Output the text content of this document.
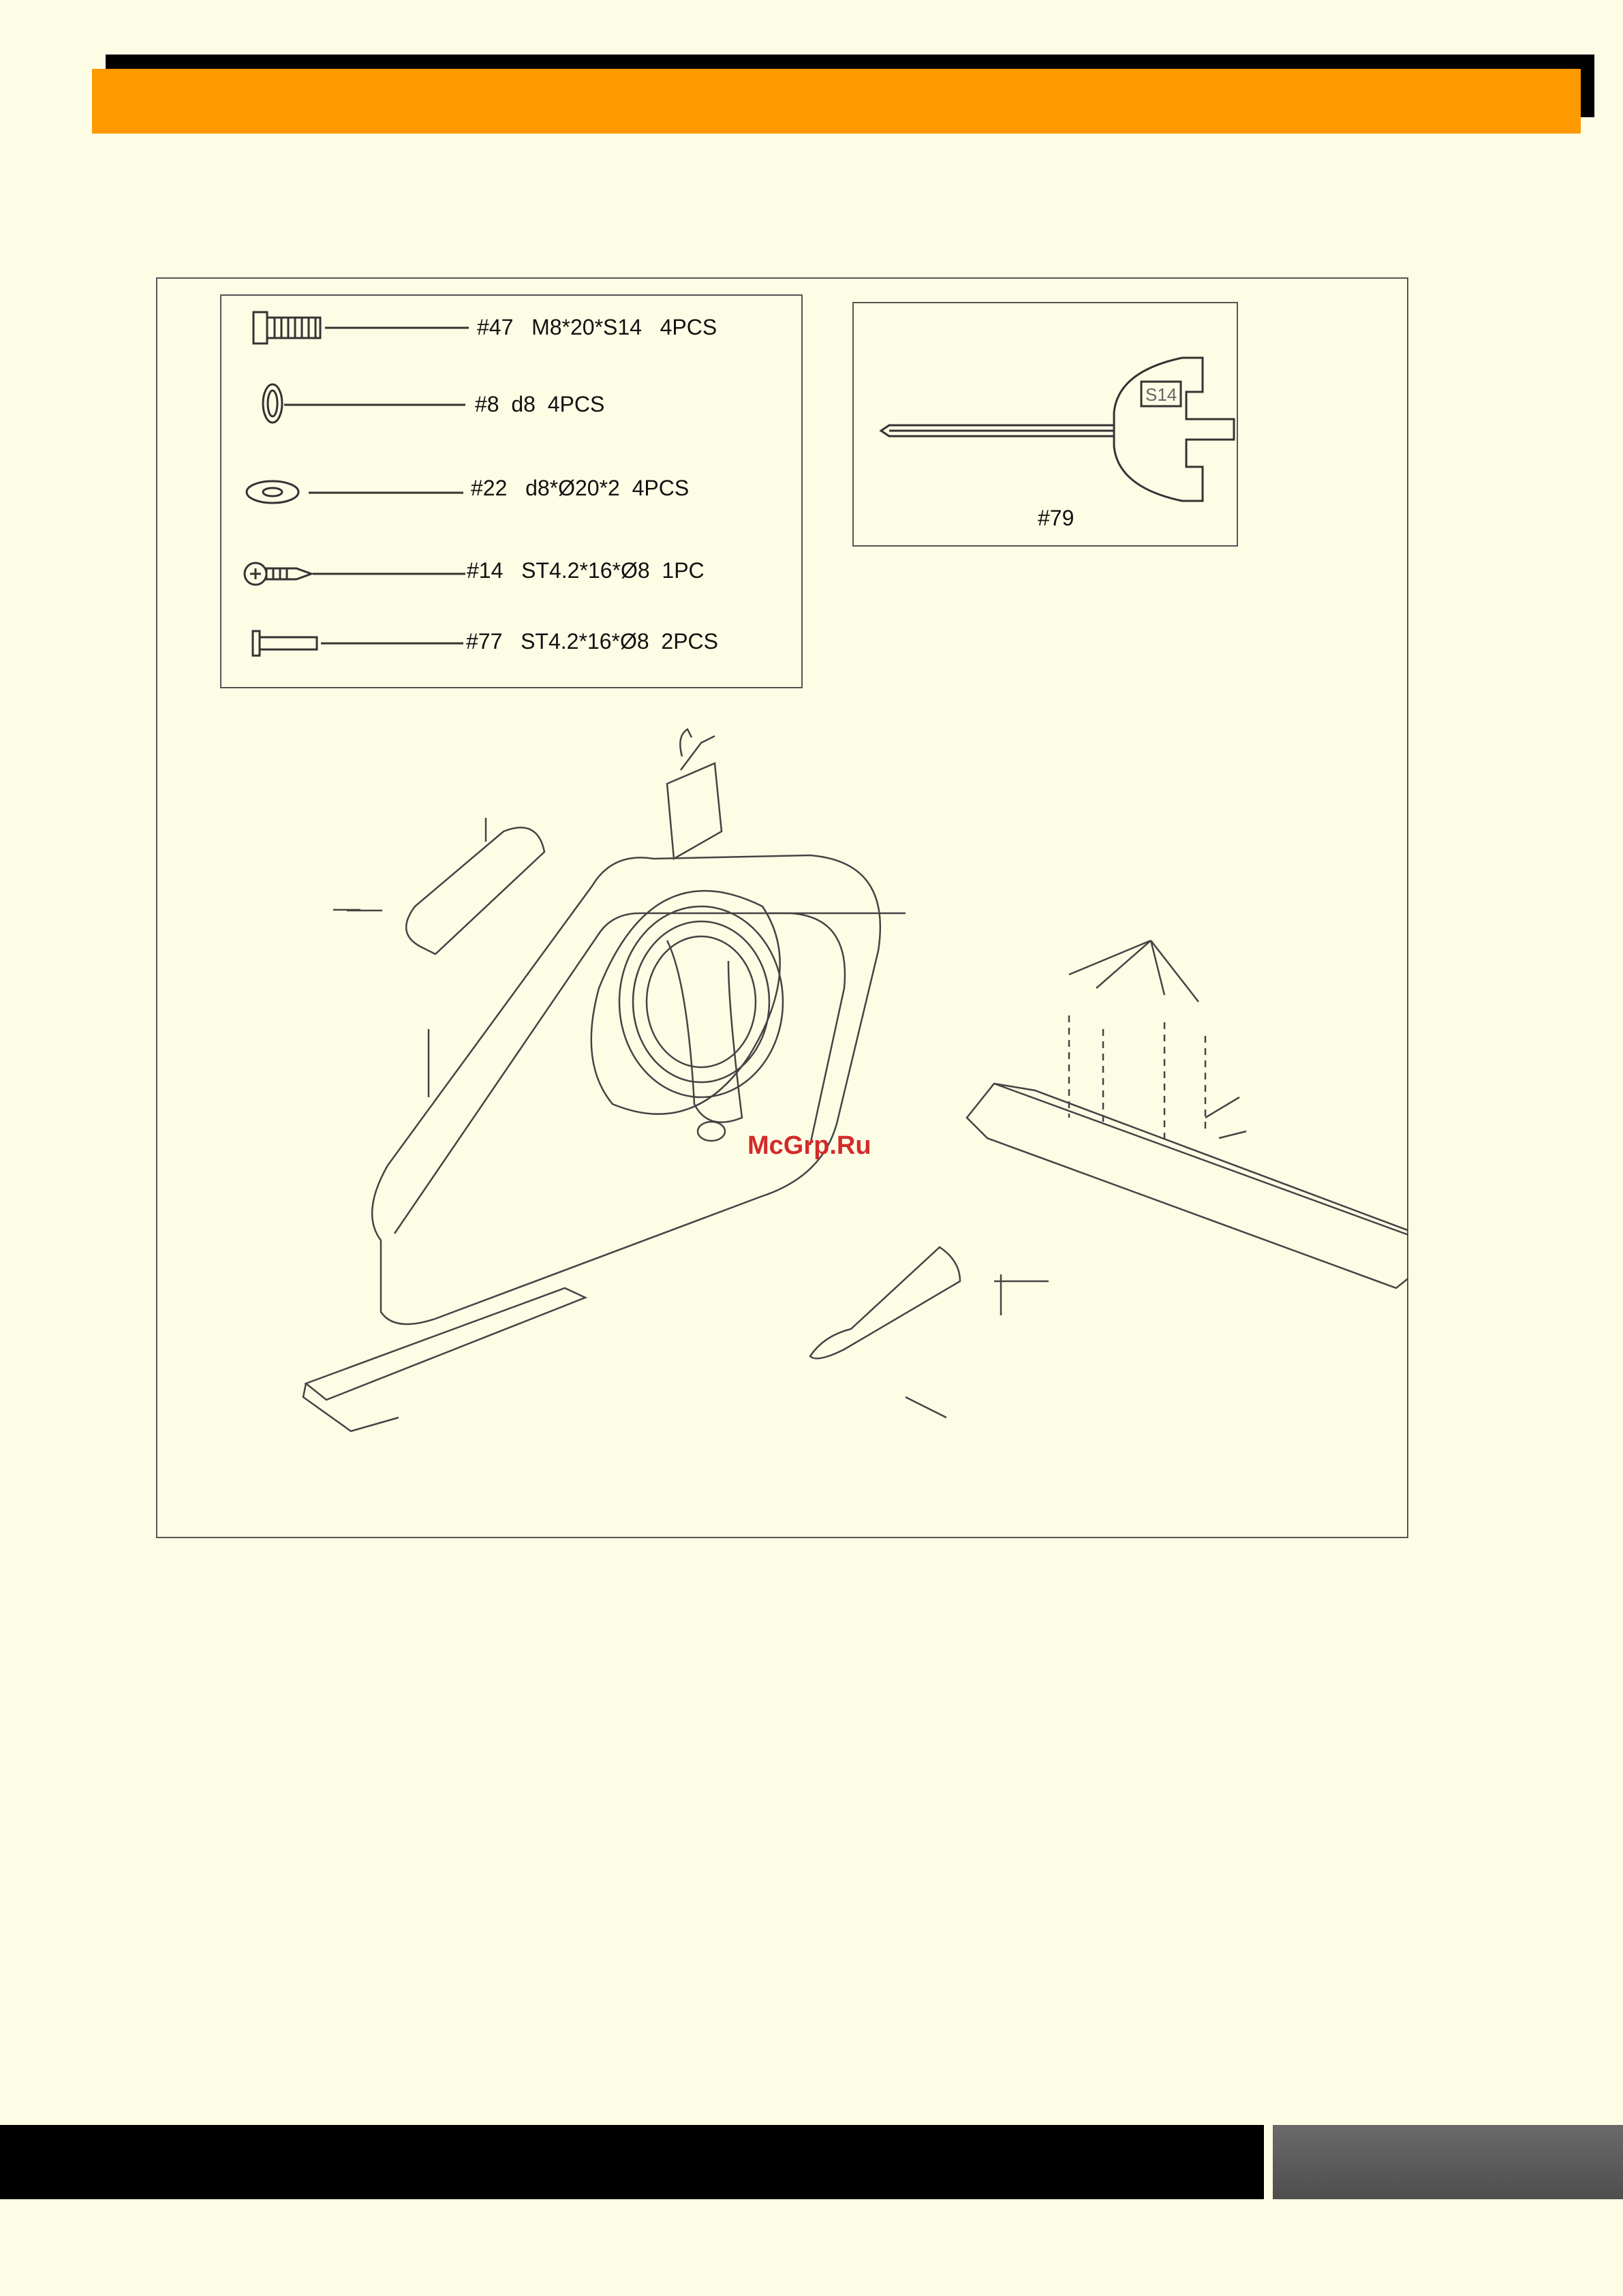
#47 M8*20*S14 4PCS
#8 d8 4PCS
#22 d8*Ø20*2 4PCS
#14 ST4.2*16*Ø8 1PC
#77 ST4.2*16*Ø8 2PCS
S14
#79
McGrp.Ru
